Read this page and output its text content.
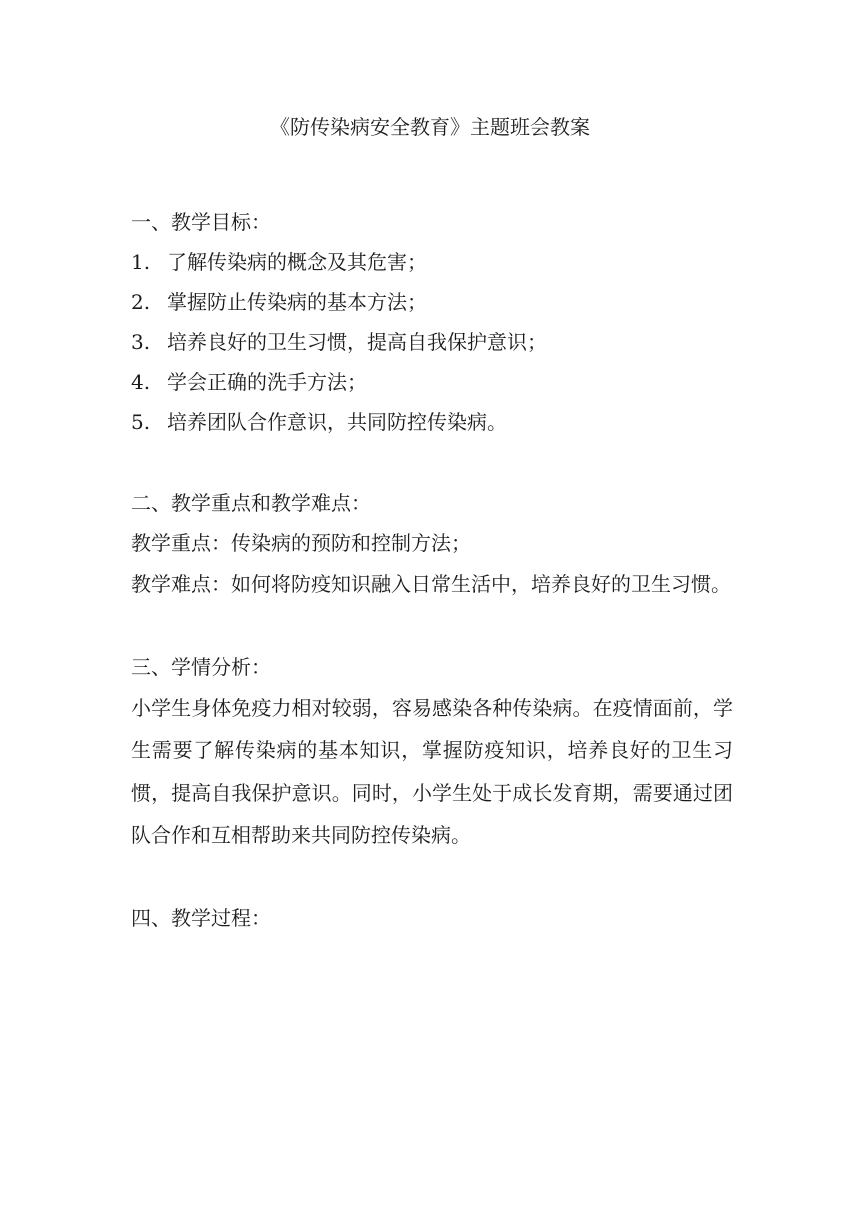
《防传染病安全教育》主题班会教案
一、教学目标：
1. 了解传染病的概念及其危害；
2. 掌握防止传染病的基本方法；
3. 培养良好的卫生习惯，提高自我保护意识；
4. 学会正确的洗手方法；
5. 培养团队合作意识，共同防控传染病。
二、教学重点和教学难点：
教学重点：传染病的预防和控制方法；
教学难点：如何将防疫知识融入日常生活中，培养良好的卫生习惯。
三、学情分析：
小学生身体免疫力相对较弱，容易感染各种传染病。在疫情面前，学生需要了解传染病的基本知识，掌握防疫知识，培养良好的卫生习惯，提高自我保护意识。同时，小学生处于成长发育期，需要通过团队合作和互相帮助来共同防控传染病。
四、教学过程：
